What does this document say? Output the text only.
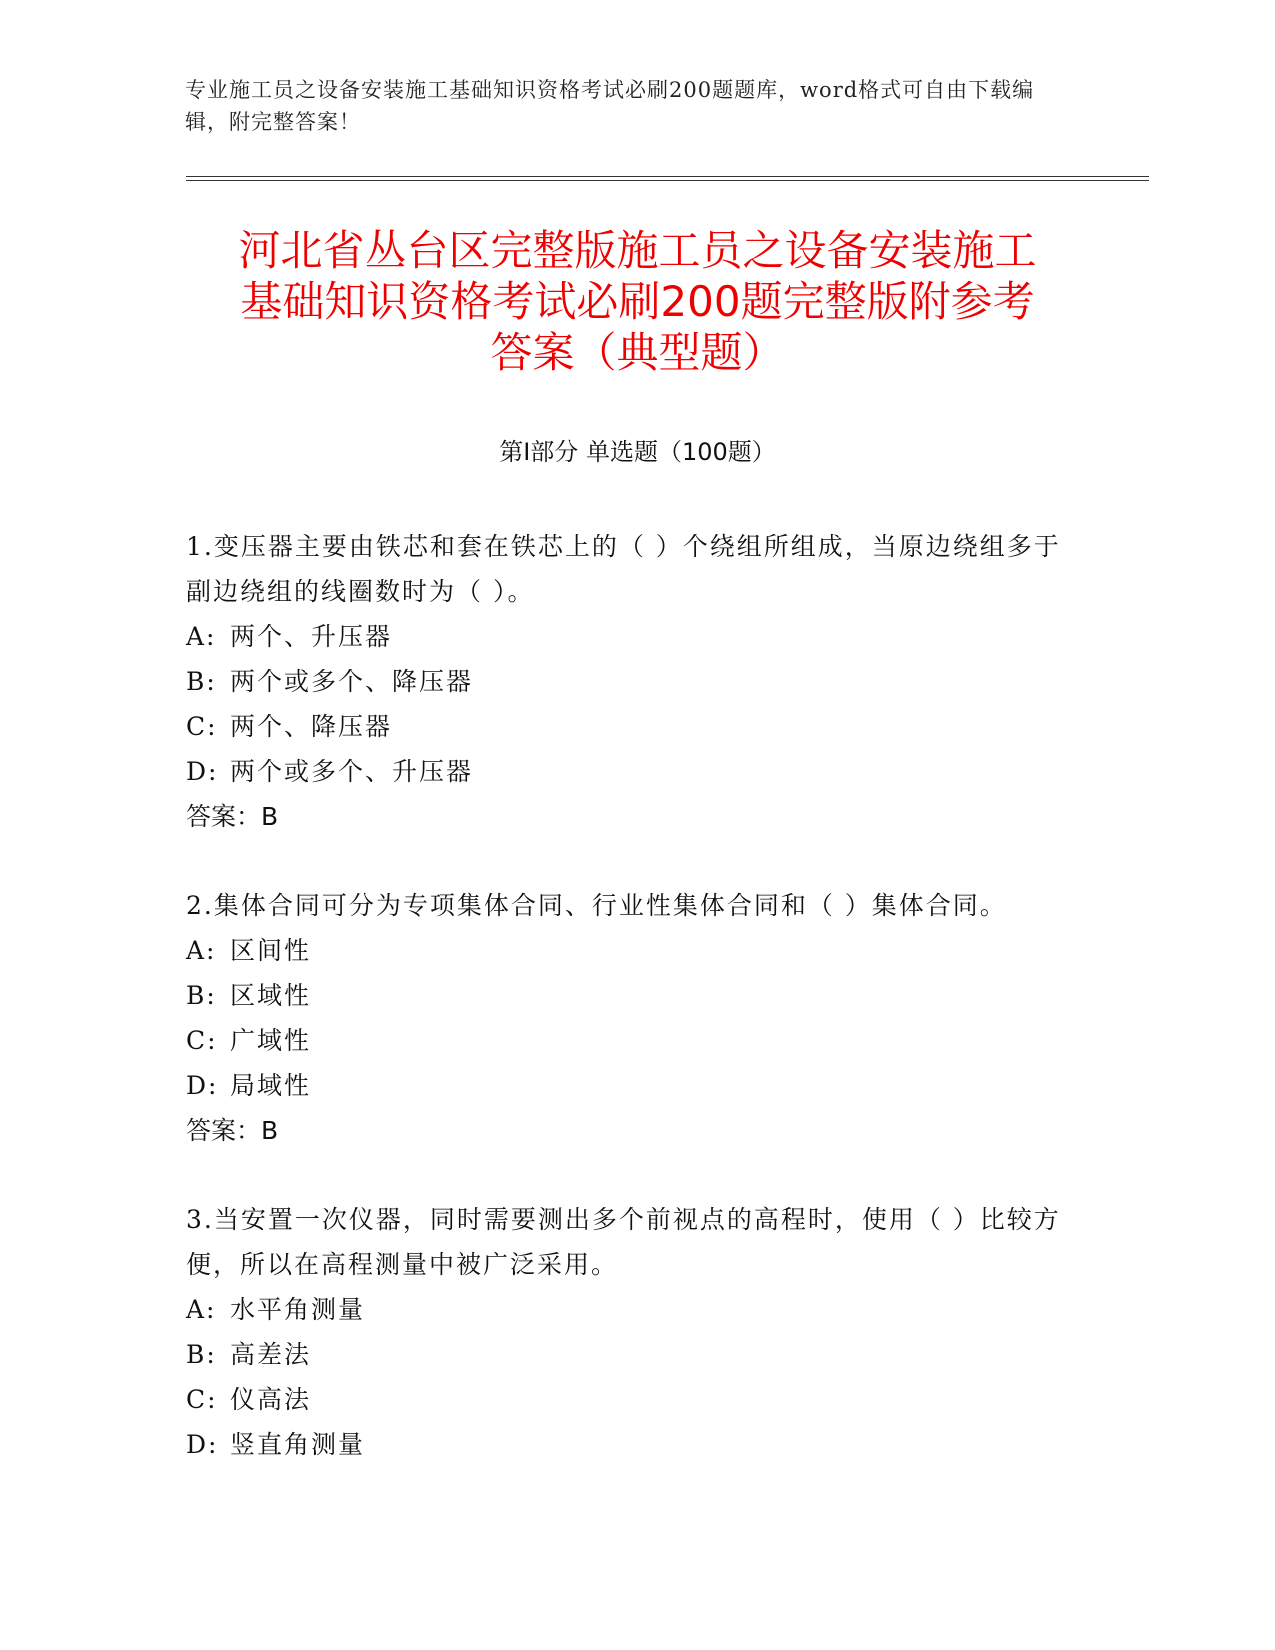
专业施工员之设备安装施工基础知识资格考试必刷200题题库，word格式可自由下载编辑，附完整答案！
河北省丛台区完整版施工员之设备安装施工
基础知识资格考试必刷200题完整版附参考
答案（典型题）
第Ⅰ部分 单选题（100题）

1.变压器主要由铁芯和套在铁芯上的（ ）个绕组所组成，当原边绕组多于副边绕组的线圈数时为（ ）。

A: 两个、升压器
B: 两个或多个、降压器
C: 两个、降压器
D: 两个或多个、升压器

答案：B

2.集体合同可分为专项集体合同、行业性集体合同和（ ）集体合同。

A: 区间性
B: 区域性
C: 广域性
D: 局域性

答案：B

3.当安置一次仪器，同时需要测出多个前视点的高程时，使用（ ）比较方便，所以在高程测量中被广泛采用。

A: 水平角测量
B: 高差法
C: 仪高法
D: 竖直角测量
